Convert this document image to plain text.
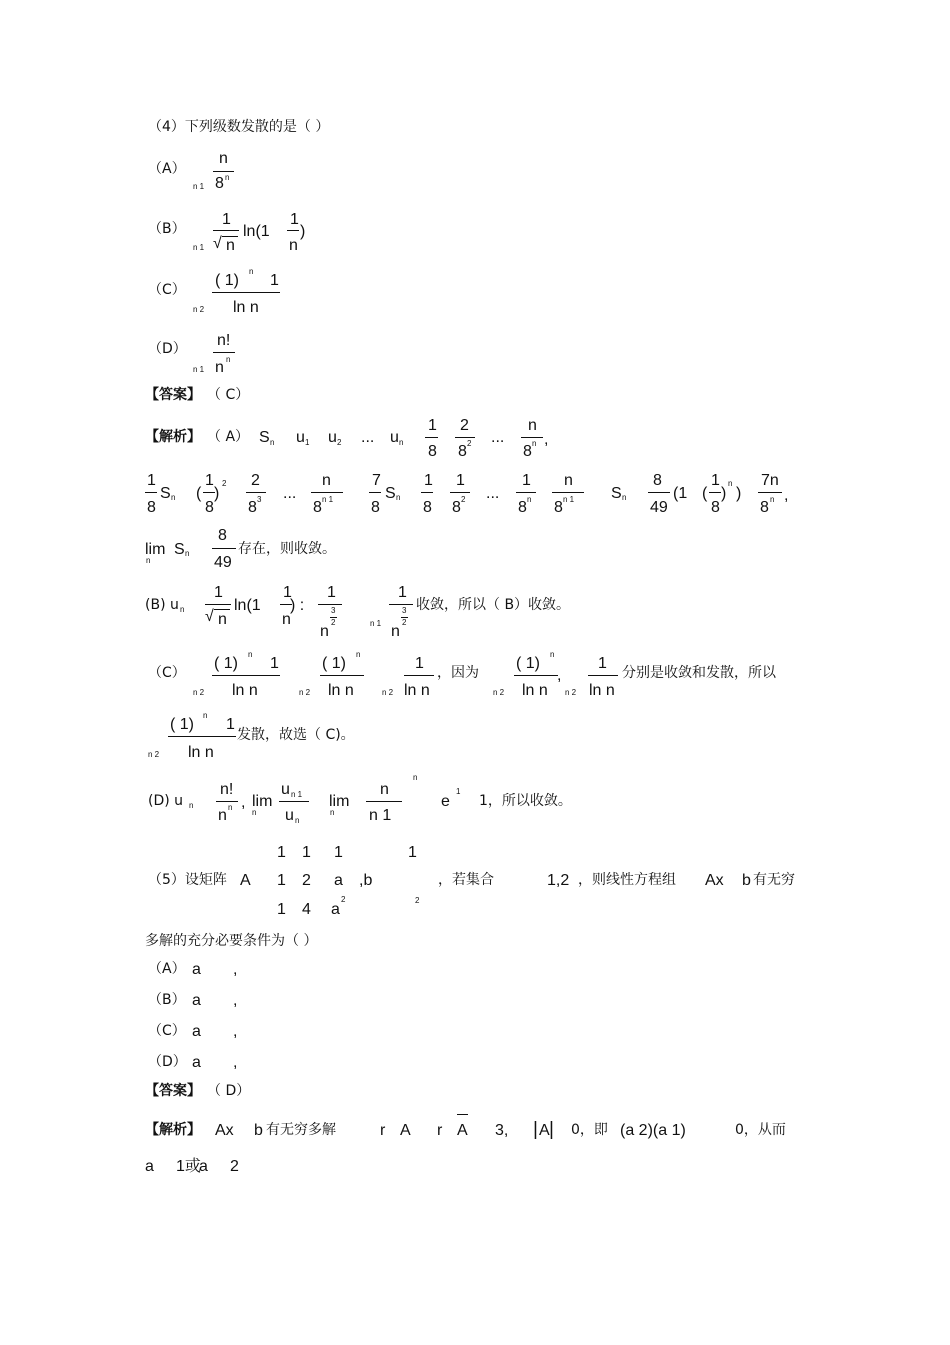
（4）下列级数发散的是（ ）
（A）
n 1
n
8 n
（B）
n 1
1
√ n
ln(1
1
n
)
（C）
n 2
( 1)
n
1
ln n
（D）
n 1
n!
n n
【答案】 （ C）
【解析】 （ A） S n u 1 u 2 ... u n
1
8
2
8 2 ...
n
8 n ,
1
8
S n (
1
8
)
2 2
8 3 ...
n
8 n 1
7
8
S n
1
8
1
8 2 ...
1
8 n
n
8 n 1 S n
8
49
(1 (
1
8
)
n
)
7n
8 n ,
lim
n
S n
8
49
存在，则收敛。
(B) u n
1
√ n
ln(1
1
n
) :
1
n
3
2	n 1
1
n
3
2
收敛，所以（ B）收敛。
（C）
n 2
( 1)
n
1
ln n	n 2
( 1)
n
ln n	n 2
1
ln n
，因为
n 2
( 1)
n
ln n
,
n 2
1
ln n
分别是收敛和发散，所以
n 2
( 1)
n
1
ln n
发散，故选（ C)。
(D) u n
n!
n n , lim
n
u n 1
u n
lim
n
n
n 1
n
e
1
1，所以收敛。
（5）设矩阵 A
1 1 1
1 2 a
1 4 a
2
,b
1
2
，若集合	1,2 ，则线性方程组 Ax b 有无穷
多解的充分必要条件为（ ）
（A） a ,
（B） a ,
（C） a ,
（D） a ,
【答案】 （ D）
【解析】 Ax b 有无穷多解	r A r A 3, | A | 0，即 (a 2)(a 1)	0，从而
a 1或
a 2
